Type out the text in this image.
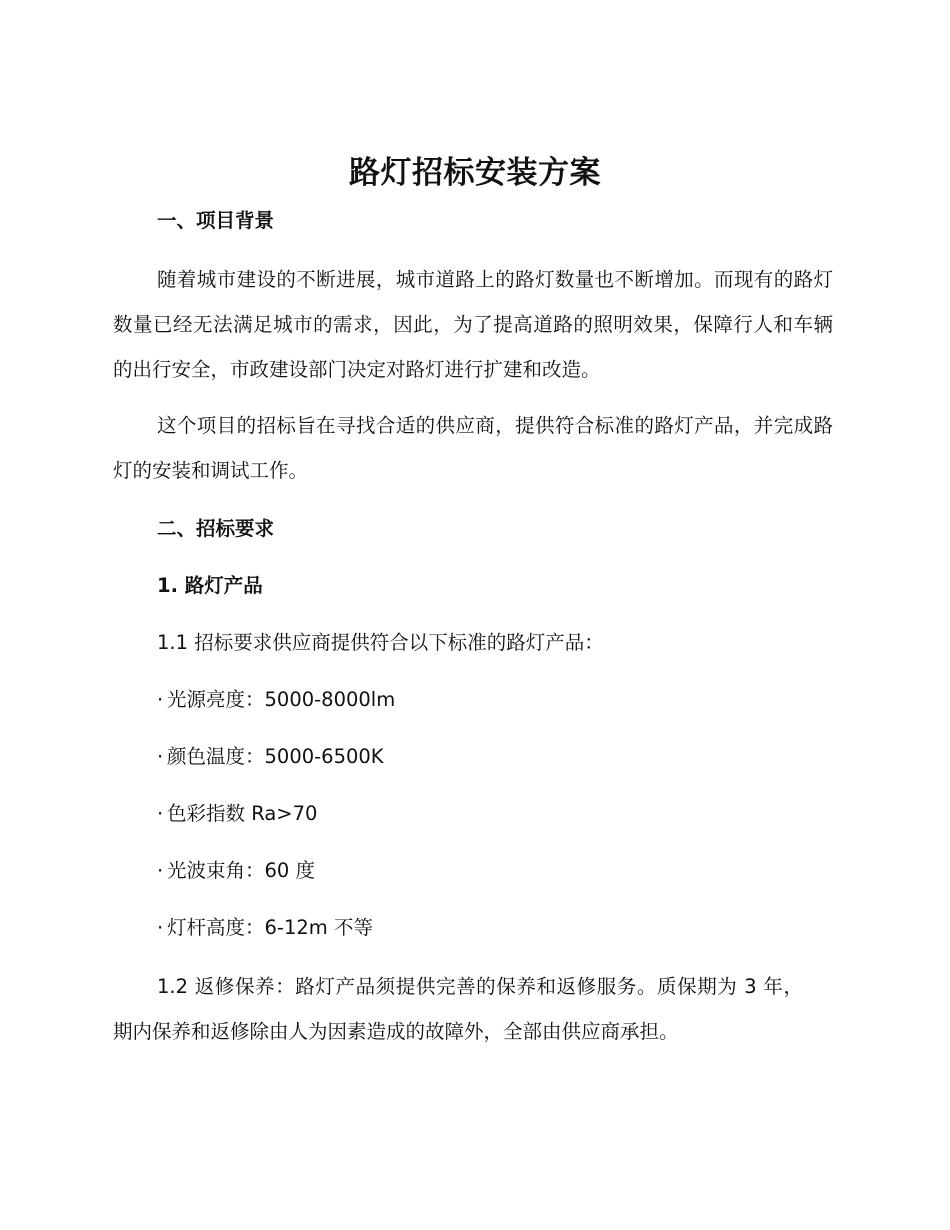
路灯招标安装方案
一、项目背景

随着城市建设的不断进展，城市道路上的路灯数量也不断增加。而现有的路灯数量已经无法满足城市的需求，因此，为了提高道路的照明效果，保障行人和车辆的出行安全，市政建设部门决定对路灯进行扩建和改造。

这个项目的招标旨在寻找合适的供应商，提供符合标准的路灯产品，并完成路灯的安装和调试工作。

二、招标要求
1. 路灯产品
1.1 招标要求供应商提供符合以下标准的路灯产品：
· 光源亮度：5000-8000lm
· 颜色温度：5000-6500K
· 色彩指数 Ra>70
· 光波束角：60 度
· 灯杆高度：6-12m 不等

1.2 返修保养：路灯产品须提供完善的保养和返修服务。质保期为 3 年，期内保养和返修除由人为因素造成的故障外，全部由供应商承担。
